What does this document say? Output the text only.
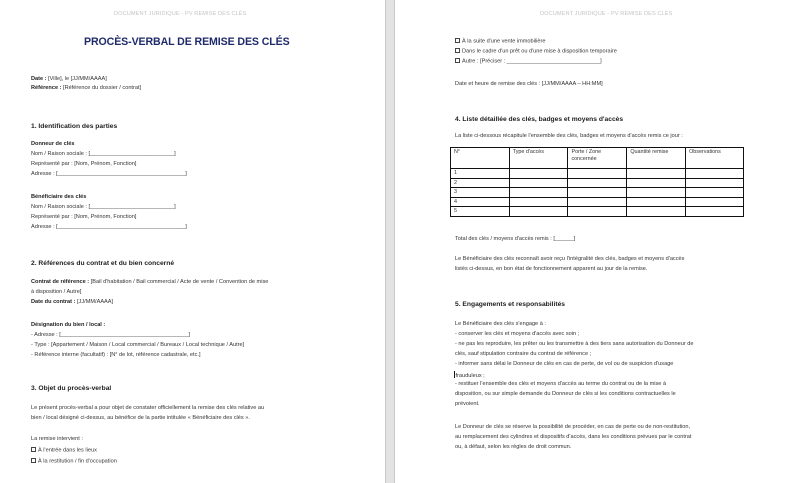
DOCUMENT JURIDIQUE - PV REMISE DES CLÉS
PROCÈS-VERBAL DE REMISE DES CLÉS
Date : [Ville], le [JJ/MM/AAAA]
Référence : [Référence du dossier / contrat]
1. Identification des parties
Donneur de clés
Nom / Raison sociale : [___________________________]
Représenté par : [Nom, Prénom, Fonction]
Adresse : [_________________________________________]
Bénéficiaire des clés
Nom / Raison sociale : [___________________________]
Représenté par : [Nom, Prénom, Fonction]
Adresse : [_________________________________________]
2. Références du contrat et du bien concerné
Contrat de référence : [Bail d'habitation / Bail commercial / Acte de vente / Convention de mise
à disposition / Autre]
Date du contrat : [JJ/MM/AAAA]
Désignation du bien / local :
- Adresse : [_________________________________________]
- Type : [Appartement / Maison / Local commercial / Bureaux / Local technique / Autre]
- Référence interne (facultatif) : [N° de lot, référence cadastrale, etc.]
3. Objet du procès-verbal
Le présent procès-verbal a pour objet de constater officiellement la remise des clés relative au
bien / local désigné ci-dessus, au bénéfice de la partie intitulée « Bénéficiaire des clés ».
La remise intervient :
À l'entrée dans les lieux
À la restitution / fin d'occupation
DOCUMENT JURIDIQUE - PV REMISE DES CLÉS
À la suite d'une vente immobilière
Dans le cadre d'un prêt ou d'une mise à disposition temporaire
Autre : [Préciser : ______________________________]
Date et heure de remise des clés : [JJ/MM/AAAA – HH:MM]
4. Liste détaillée des clés, badges et moyens d'accès
La liste ci-dessous récapitule l'ensemble des clés, badges et moyens d'accès remis ce jour :
N°	Type d'accès	Porte / Zone concernée	Quantité remise	Observations
1				
2				
3				
4				
5				
Total des clés / moyens d'accès remis : [______]
Le Bénéficiaire des clés reconnaît avoir reçu l'intégralité des clés, badges et moyens d'accès
listés ci-dessus, en bon état de fonctionnement apparent au jour de la remise.
5. Engagements et responsabilités
Le Bénéficiaire des clés s'engage à :
- conserver les clés et moyens d'accès avec soin ;
- ne pas les reproduire, les prêter ou les transmettre à des tiers sans autorisation du Donneur de
clés, sauf stipulation contraire du contrat de référence ;
- informer sans délai le Donneur de clés en cas de perte, de vol ou de suspicion d'usage
frauduleux ;
- restituer l'ensemble des clés et moyens d'accès au terme du contrat ou de la mise à
disposition, ou sur simple demande du Donneur de clés si les conditions contractuelles le
prévoient.
Le Donneur de clés se réserve la possibilité de procéder, en cas de perte ou de non-restitution,
au remplacement des cylindres et dispositifs d'accès, dans les conditions prévues par le contrat
ou, à défaut, selon les règles de droit commun.
